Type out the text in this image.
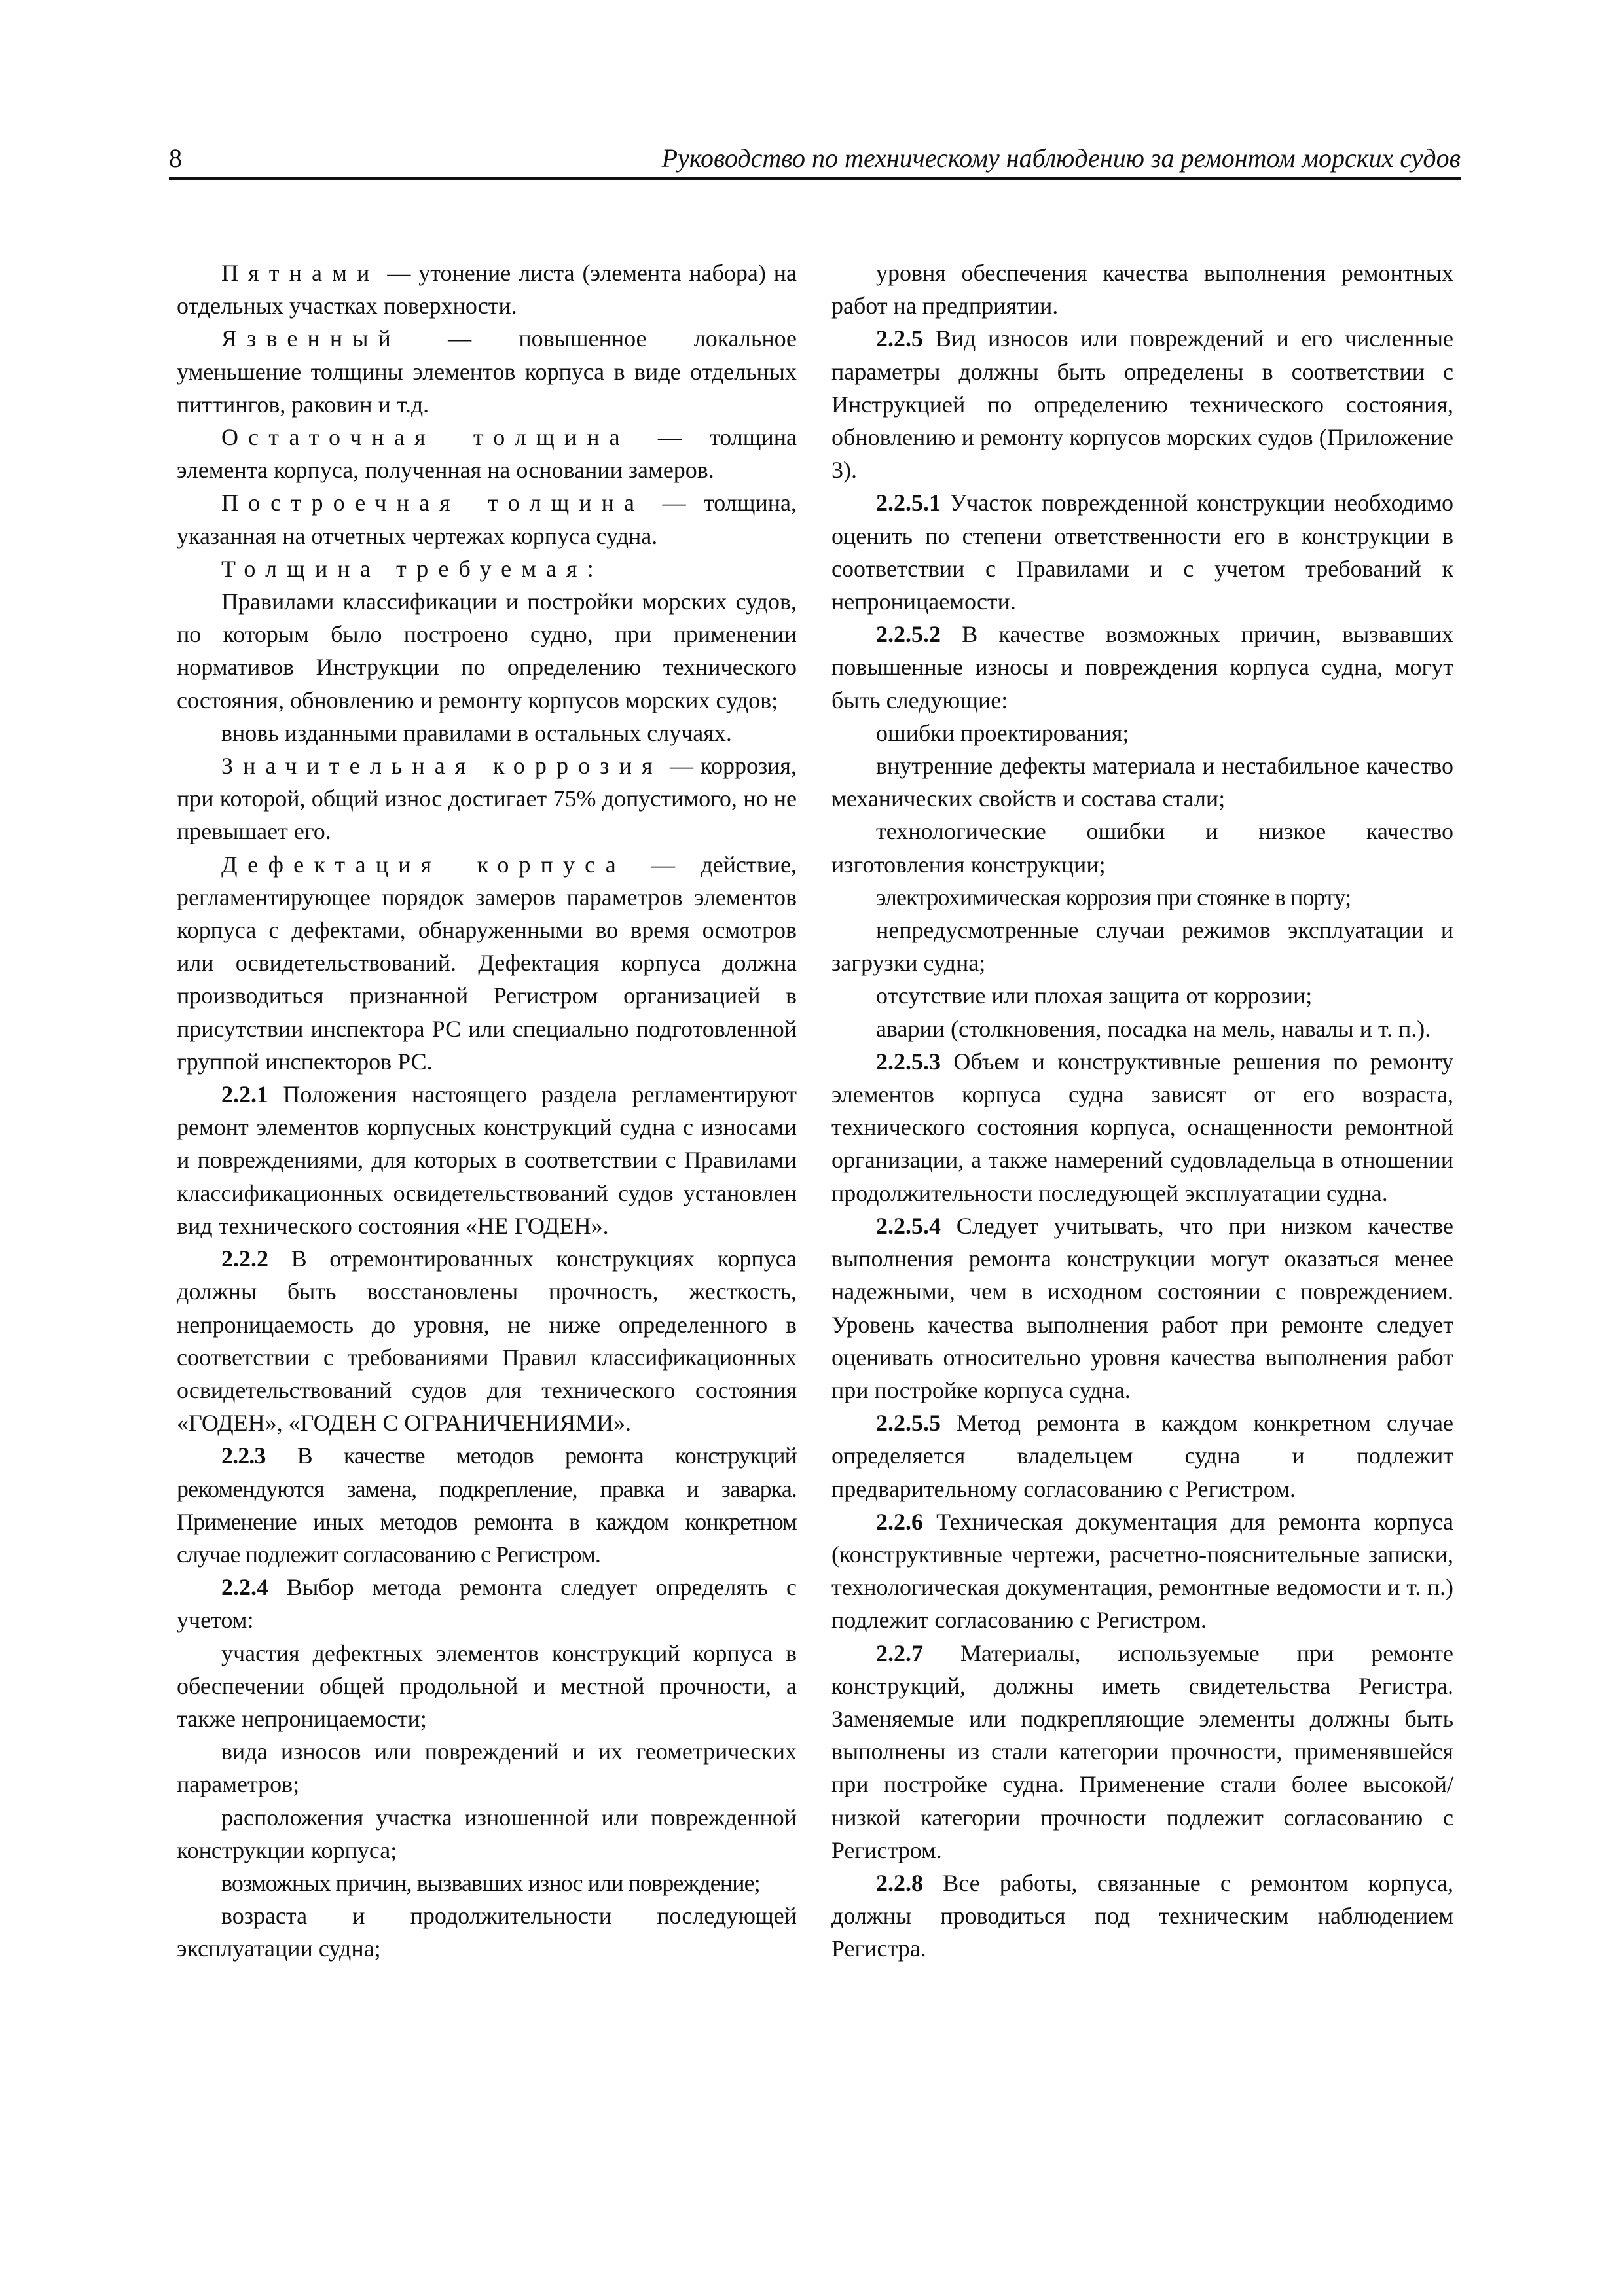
8	Руководство по техническому наблюдению за ремонтом морских судов

Пятнами — утонение листа (элемента набора) на отдельных участках поверхности.

Язвенный — повышенное локальное уменьшение толщины элементов корпуса в виде отдельных питтингов, раковин и т.д.

Остаточная толщина — толщина элемента корпуса, полученная на основании замеров.

Построечная толщина — толщина, указанная на отчетных чертежах корпуса судна.

Толщина требуемая:

Правилами классификации и постройки морских судов, по которым было построено судно, при применении нормативов Инструкции по определению технического состояния, обновлению и ремонту корпусов морских судов;

вновь изданными правилами в остальных случаях.

Значительная коррозия — коррозия, при которой, общий износ достигает 75% допустимого, но не превышает его.

Дефектация корпуса — действие, регламентирующее порядок замеров параметров элементов корпуса с дефектами, обнаруженными во время осмотров или освидетельствований. Дефектация корпуса должна производиться признанной Регистром организацией в присутствии инспектора РС или специально подготовленной группой инспекторов РС.

2.2.1 Положения настоящего раздела регламентируют ремонт элементов корпусных конструкций судна с износами и повреждениями, для которых в соответствии с Правилами классификационных освидетельствований судов установлен вид технического состояния «НЕ ГОДЕН».

2.2.2 В отремонтированных конструкциях корпуса должны быть восстановлены прочность, жесткость, непроницаемость до уровня, не ниже определенного в соответствии с требованиями Правил классификационных освидетельствований судов для технического состояния «ГОДЕН», «ГОДЕН С ОГРАНИЧЕНИЯМИ».

2.2.3 В качестве методов ремонта конструкций рекомендуются замена, подкрепление, правка и заварка. Применение иных методов ремонта в каждом конкретном случае подлежит согласованию с Регистром.

2.2.4 Выбор метода ремонта следует определять с учетом:

участия дефектных элементов конструкций корпуса в обеспечении общей продольной и местной прочности, а также непроницаемости;

вида износов или повреждений и их геометрических параметров;

расположения участка изношенной или поврежденной конструкции корпуса;

возможных причин, вызвавших износ или повреждение;

возраста и продолжительности последующей эксплуатации судна;

уровня обеспечения качества выполнения ремонтных работ на предприятии.

2.2.5 Вид износов или повреждений и его численные параметры должны быть определены в соответствии с Инструкцией по определению технического состояния, обновлению и ремонту корпусов морских судов (Приложение 3).

2.2.5.1 Участок поврежденной конструкции необходимо оценить по степени ответственности его в конструкции в соответствии с Правилами и с учетом требований к непроницаемости.

2.2.5.2 В качестве возможных причин, вызвавших повышенные износы и повреждения корпуса судна, могут быть следующие:

ошибки проектирования;

внутренние дефекты материала и нестабильное качество механических свойств и состава стали;

технологические ошибки и низкое качество изготовления конструкции;

электрохимическая коррозия при стоянке в порту;

непредусмотренные случаи режимов эксплуатации и загрузки судна;

отсутствие или плохая защита от коррозии;

аварии (столкновения, посадка на мель, навалы и т. п.).

2.2.5.3 Объем и конструктивные решения по ремонту элементов корпуса судна зависят от его возраста, технического состояния корпуса, оснащенности ремонтной организации, а также намерений судовладельца в отношении продолжительности последующей эксплуатации судна.

2.2.5.4 Следует учитывать, что при низком качестве выполнения ремонта конструкции могут оказаться менее надежными, чем в исходном состоянии с повреждением. Уровень качества выполнения работ при ремонте следует оценивать относительно уровня качества выполнения работ при постройке корпуса судна.

2.2.5.5 Метод ремонта в каждом конкретном случае определяется владельцем судна и подлежит предварительному согласованию с Регистром.

2.2.6 Техническая документация для ремонта корпуса (конструктивные чертежи, расчетно-пояснительные записки, технологическая документация, ремонтные ведомости и т. п.) подлежит согласованию с Регистром.

2.2.7 Материалы, используемые при ремонте конструкций, должны иметь свидетельства Регистра. Заменяемые или подкрепляющие элементы должны быть выполнены из стали категории прочности, применявшейся при постройке судна. Применение стали более высокой/низкой категории прочности подлежит согласованию с Регистром.

2.2.8 Все работы, связанные с ремонтом корпуса, должны проводиться под техническим наблюдением Регистра.
